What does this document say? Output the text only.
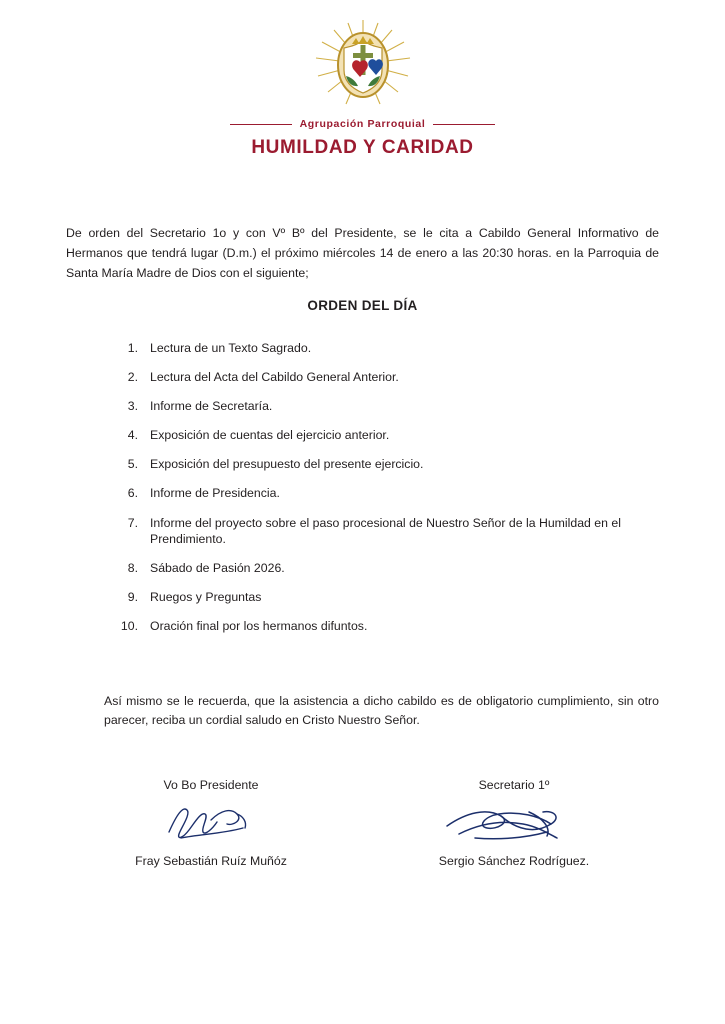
Agrupación Parroquial
HUMILDAD Y CARIDAD

De orden del Secretario 1o y con Vº Bº del Presidente, se le cita a Cabildo General Informativo de Hermanos que tendrá lugar (D.m.) el próximo miércoles 14 de enero a las 20:30 horas. en la Parroquia de Santa María Madre de Dios con el siguiente;

ORDEN DEL DÍA
1. Lectura de un Texto Sagrado.
2. Lectura del Acta del Cabildo General Anterior.
3. Informe de Secretaría.
4. Exposición de cuentas del ejercicio anterior.
5. Exposición del presupuesto del presente ejercicio.
6. Informe de Presidencia.
7. Informe del proyecto sobre el paso procesional de Nuestro Señor de la Humildad en el Prendimiento.
8. Sábado de Pasión 2026.
9. Ruegos y Preguntas
10. Oración final por los hermanos difuntos.

Así mismo se le recuerda, que la asistencia a dicho cabildo es de obligatorio cumplimiento, sin otro parecer, reciba un cordial saludo en Cristo Nuestro Señor.

Vo Bo Presidente
Fray Sebastián Ruíz Muñóz
Secretario 1º
Sergio Sánchez Rodríguez.
